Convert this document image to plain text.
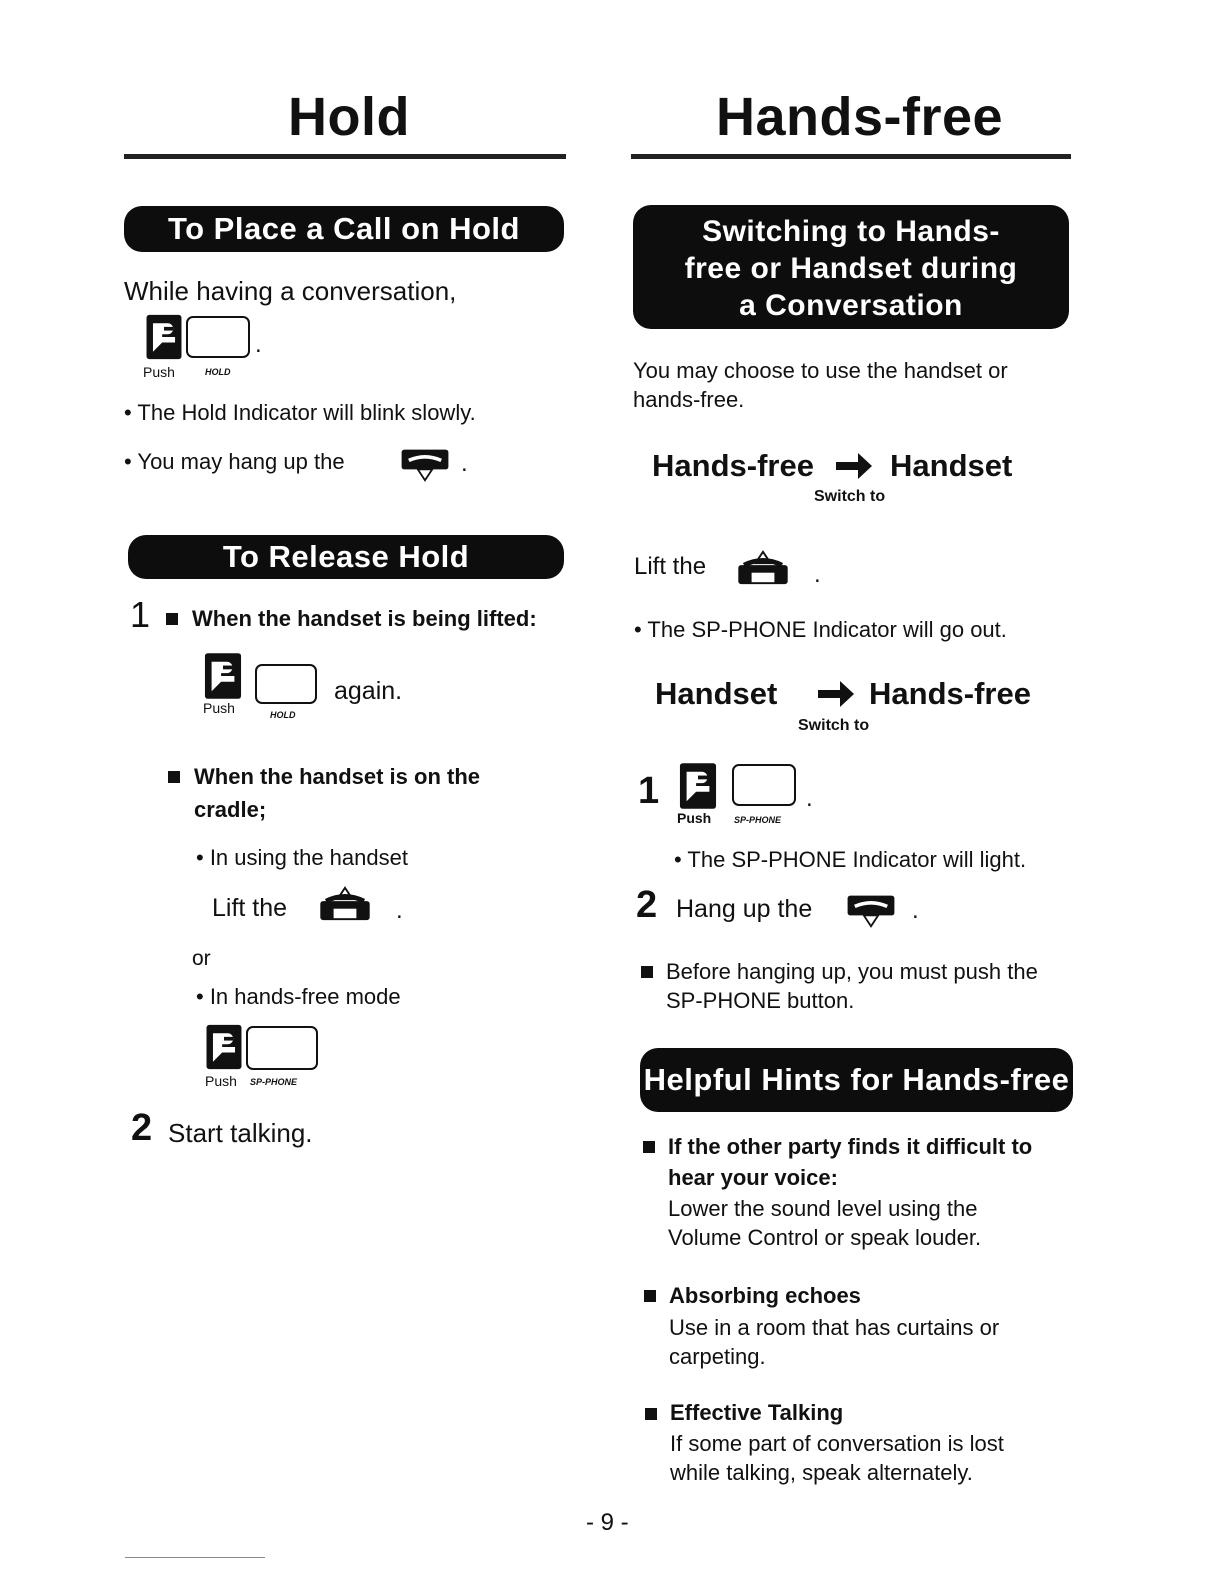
Hold
To Place a Call on Hold
While having a conversation,
.
Push	HOLD
• The Hold Indicator will blink slowly.
• You may hang up the	.
To Release Hold
1 When the handset is being lifted:
again.
Push	HOLD
When the handset is on the
cradle;
• In using the handset
Lift the	.
or
• In hands-free mode
Push SP-PHONE
2 Start talking.
Hands-free
Switching to Hands-
free or Handset during
a Conversation
You may choose to use the handset or
hands-free.
Hands-free Handset
Switch to
Lift the	.
• The SP-PHONE Indicator will go out.
Handset	Hands-free
Switch to
1	.
Push	SP-PHONE
• The SP-PHONE Indicator will light.
2 Hang up the	.
Before hanging up, you must push the
SP-PHONE button.
Helpful Hints for Hands-free
If the other party finds it difficult to
hear your voice:
Lower the sound level using the
Volume Control or speak louder.
Absorbing echoes
Use in a room that has curtains or
carpeting.
Effective Talking
If some part of conversation is lost
while talking, speak alternately.
- 9 -
